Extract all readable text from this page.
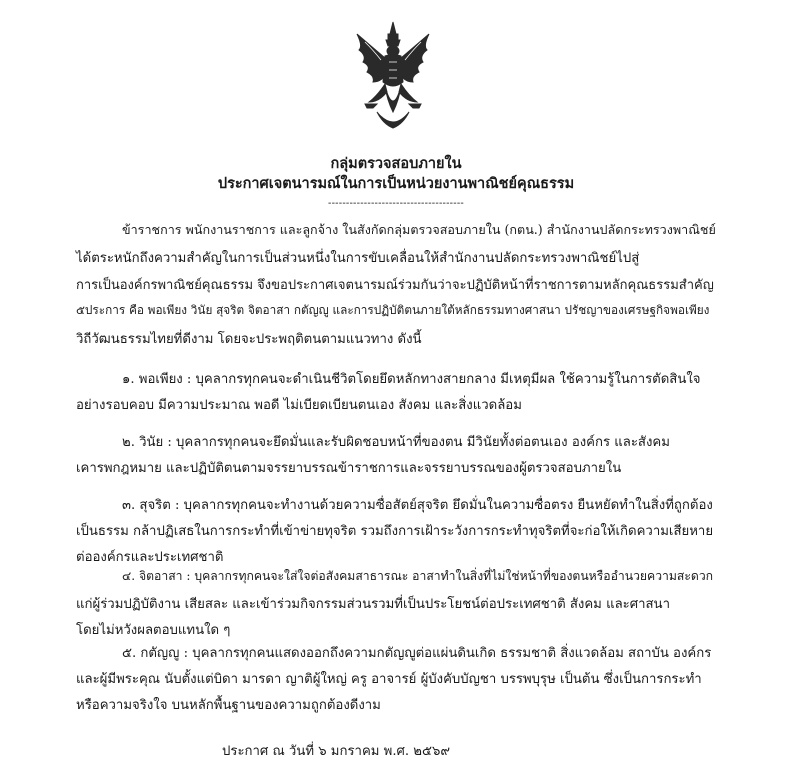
กลุ่มตรวจสอบภายใน
ประกาศเจตนารมณ์ในการเป็นหน่วยงานพาณิชย์คุณธรรม
--------------------------------------
ข้าราชการ พนักงานราชการ และลูกจ้าง ในสังกัดกลุ่มตรวจสอบภายใน (กตน.) สำนักงานปลัดกระทรวงพาณิชย์
ได้ตระหนักถึงความสำคัญในการเป็นส่วนหนึ่งในการขับเคลื่อนให้สำนักงานปลัดกระทรวงพาณิชย์ไปสู่
การเป็นองค์กรพาณิชย์คุณธรรม จึงขอประกาศเจตนารมณ์ร่วมกันว่าจะปฏิบัติหน้าที่ราชการตามหลักคุณธรรมสำคัญ
๕ประการ คือ พอเพียง วินัย สุจริต จิตอาสา กตัญญู และการปฏิบัติตนภายใต้หลักธรรมทางศาสนา ปรัชญาของเศรษฐกิจพอเพียง
วิถีวัฒนธรรมไทยที่ดีงาม โดยจะประพฤติตนตามแนวทาง ดังนี้
๑. พอเพียง : บุคลากรทุกคนจะดำเนินชีวิตโดยยึดหลักทางสายกลาง มีเหตุมีผล ใช้ความรู้ในการตัดสินใจ
อย่างรอบคอบ มีความประมาณ พอดี ไม่เบียดเบียนตนเอง สังคม และสิ่งแวดล้อม
๒. วินัย : บุคลากรทุกคนจะยึดมั่นและรับผิดชอบหน้าที่ของตน มีวินัยทั้งต่อตนเอง องค์กร และสังคม
เคารพกฎหมาย และปฏิบัติตนตามจรรยาบรรณข้าราชการและจรรยาบรรณของผู้ตรวจสอบภายใน
๓. สุจริต : บุคลากรทุกคนจะทำงานด้วยความซื่อสัตย์สุจริต ยึดมั่นในความซื่อตรง ยืนหยัดทำในสิ่งที่ถูกต้อง
เป็นธรรม กล้าปฏิเสธในการกระทำที่เข้าข่ายทุจริต รวมถึงการเฝ้าระวังการกระทำทุจริตที่จะก่อให้เกิดความเสียหาย
ต่อองค์กรและประเทศชาติ
๔. จิตอาสา : บุคลากรทุกคนจะใส่ใจต่อสังคมสาธารณะ อาสาทำในสิ่งที่ไม่ใช่หน้าที่ของตนหรืออำนวยความสะดวก
แก่ผู้ร่วมปฏิบัติงาน เสียสละ และเข้าร่วมกิจกรรมส่วนรวมที่เป็นประโยชน์ต่อประเทศชาติ สังคม และศาสนา
โดยไม่หวังผลตอบแทนใด ๆ
๕. กตัญญู : บุคลากรทุกคนแสดงออกถึงความกตัญญูต่อแผ่นดินเกิด ธรรมชาติ สิ่งแวดล้อม สถาบัน องค์กร
และผู้มีพระคุณ นับตั้งแต่บิดา มารดา ญาติผู้ใหญ่ ครู อาจารย์ ผู้บังคับบัญชา บรรพบุรุษ เป็นต้น ซึ่งเป็นการกระทำ
หรือความจริงใจ บนหลักพื้นฐานของความถูกต้องดีงาม
ประกาศ ณ วันที่ ๖ มกราคม พ.ศ. ๒๕๖๙
